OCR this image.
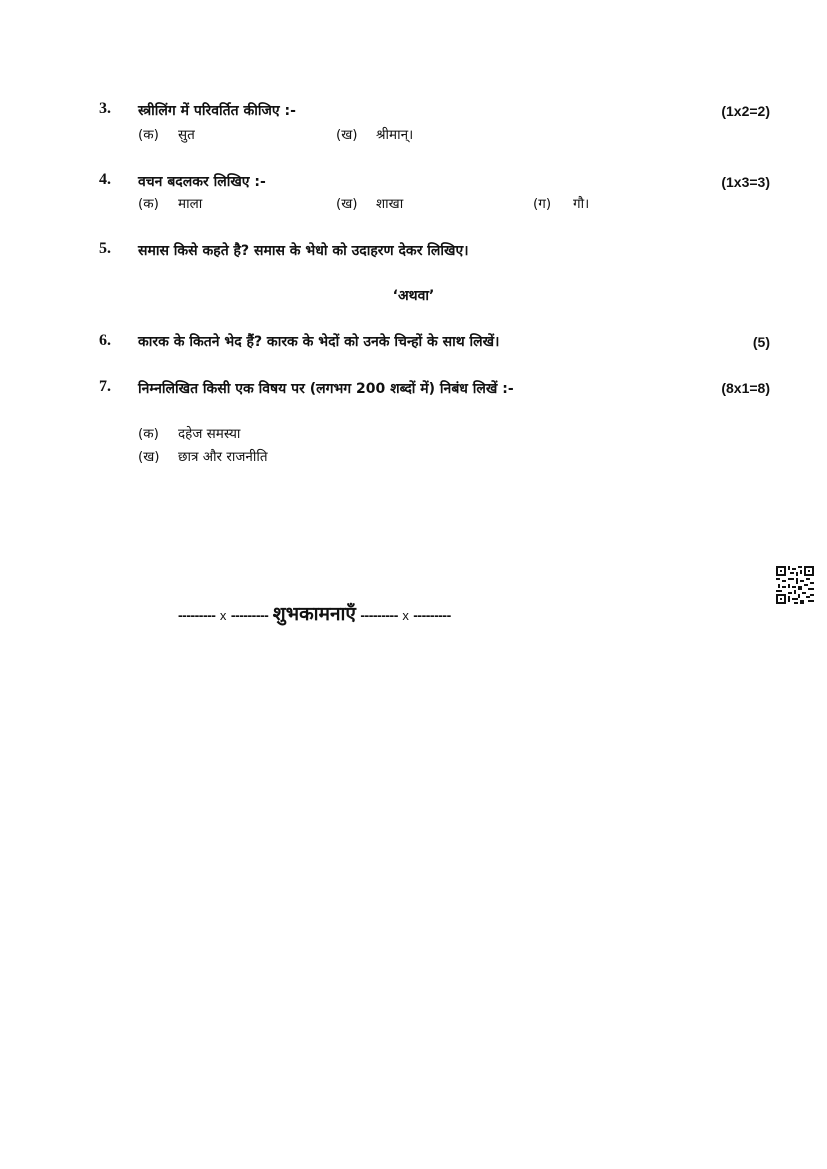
3. स्त्रीलिंग में परिवर्तित कीजिए :-	(1x2=2)
(क) सुत	(ख) श्रीमान्।
4. वचन बदलकर लिखिए :-	(1x3=3)
(क) माला	(ख) शाखा	(ग) गौ।
5. समास किसे कहते है? समास के भेधो को उदाहरण देकर लिखिए।
‘अथवा’
6. कारक के कितने भेद हैं? कारक के भेदों को उनके चिन्हों के साथ लिखें।	(5)
7. निम्नलिखित किसी एक विषय पर (लगभग 200 शब्दों में) निबंध लिखें :-	(8x1=8)
(क) दहेज समस्या
(ख) छात्र और राजनीति
--------- x --------- शुभकामनाएँ --------- x ---------
